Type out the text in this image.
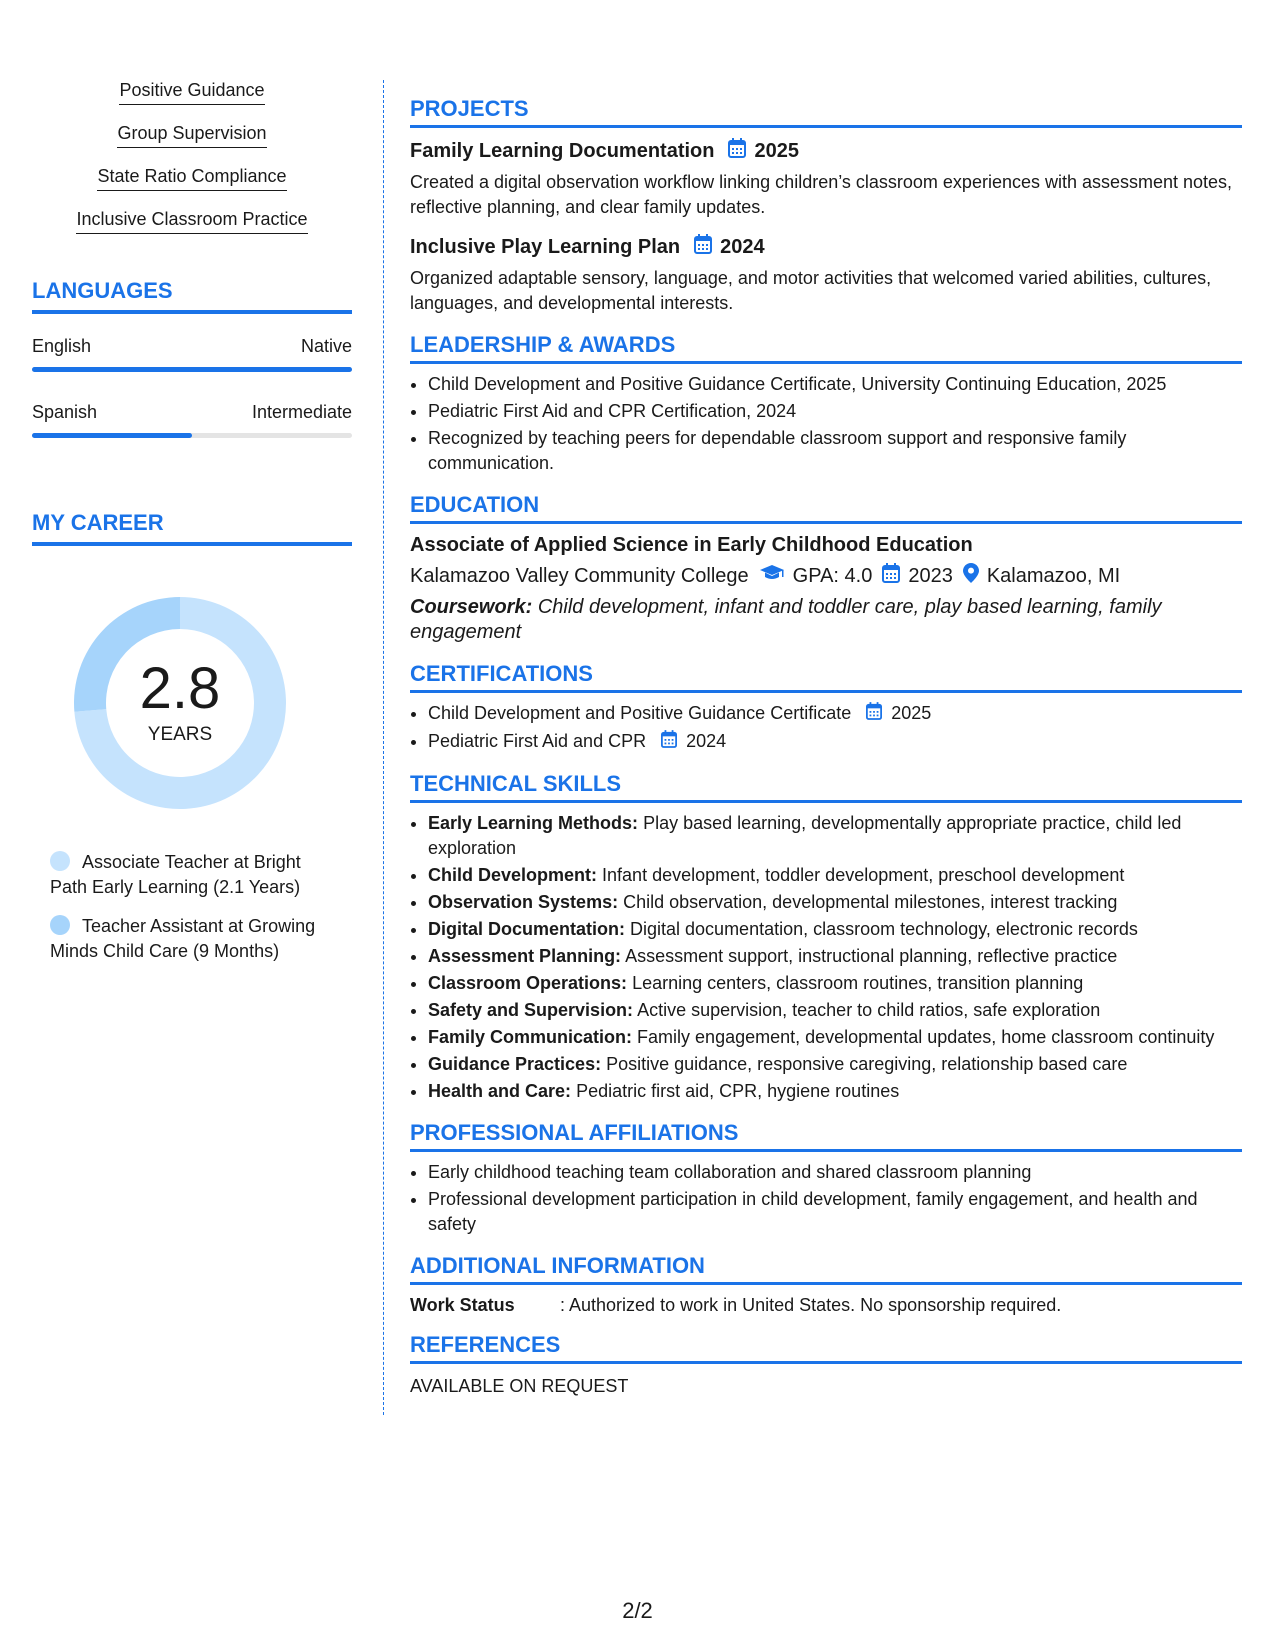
Positive Guidance
Group Supervision
State Ratio Compliance
Inclusive Classroom Practice
LANGUAGES
English	Native
Spanish	Intermediate
MY CAREER
2.8
YEARS
Associate Teacher at Bright Path Early Learning (2.1 Years)
Teacher Assistant at Growing Minds Child Care (9 Months)
PROJECTS
Family Learning Documentation 2025
Created a digital observation workflow linking children’s classroom experiences with assessment notes, reflective planning, and clear family updates.
Inclusive Play Learning Plan 2024
Organized adaptable sensory, language, and motor activities that welcomed varied abilities, cultures, languages, and developmental interests.
LEADERSHIP & AWARDS
• Child Development and Positive Guidance Certificate, University Continuing Education, 2025
• Pediatric First Aid and CPR Certification, 2024
• Recognized by teaching peers for dependable classroom support and responsive family communication.
EDUCATION
Associate of Applied Science in Early Childhood Education
Kalamazoo Valley Community College GPA: 4.0 2023 Kalamazoo, MI
Coursework: Child development, infant and toddler care, play based learning, family engagement
CERTIFICATIONS
• Child Development and Positive Guidance Certificate 2025
• Pediatric First Aid and CPR 2024
TECHNICAL SKILLS
• Early Learning Methods: Play based learning, developmentally appropriate practice, child led exploration
• Child Development: Infant development, toddler development, preschool development
• Observation Systems: Child observation, developmental milestones, interest tracking
• Digital Documentation: Digital documentation, classroom technology, electronic records
• Assessment Planning: Assessment support, instructional planning, reflective practice
• Classroom Operations: Learning centers, classroom routines, transition planning
• Safety and Supervision: Active supervision, teacher to child ratios, safe exploration
• Family Communication: Family engagement, developmental updates, home classroom continuity
• Guidance Practices: Positive guidance, responsive caregiving, relationship based care
• Health and Care: Pediatric first aid, CPR, hygiene routines
PROFESSIONAL AFFILIATIONS
• Early childhood teaching team collaboration and shared classroom planning
• Professional development participation in child development, family engagement, and health and safety
ADDITIONAL INFORMATION
Work Status	: Authorized to work in United States. No sponsorship required.
REFERENCES
AVAILABLE ON REQUEST
2/2
